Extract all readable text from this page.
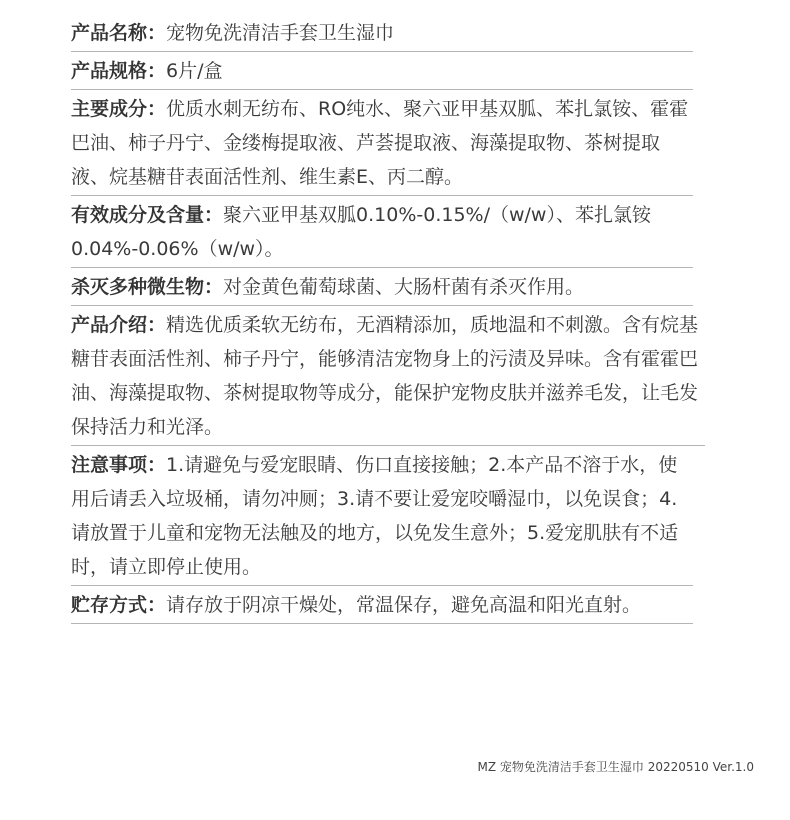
产品名称：宠物免洗清洁手套卫生湿巾
产品规格：6片/盒
主要成分：优质水刺无纺布、RO纯水、聚六亚甲基双胍、苯扎氯铵、霍霍巴油、柿子丹宁、金缕梅提取液、芦荟提取液、海藻提取物、茶树提取液、烷基糖苷表面活性剂、维生素E、丙二醇。
有效成分及含量：聚六亚甲基双胍0.10%-0.15%/（w/w）、苯扎氯铵0.04%-0.06%（w/w）。
杀灭多种微生物：对金黄色葡萄球菌、大肠杆菌有杀灭作用。
产品介绍：精选优质柔软无纺布，无酒精添加，质地温和不刺激。含有烷基糖苷表面活性剂、柿子丹宁，能够清洁宠物身上的污渍及异味。含有霍霍巴油、海藻提取物、茶树提取物等成分，能保护宠物皮肤并滋养毛发，让毛发保持活力和光泽。
注意事项：1.请避免与爱宠眼睛、伤口直接接触；2.本产品不溶于水，使用后请丢入垃圾桶，请勿冲厕；3.请不要让爱宠咬嚼湿巾，以免误食；4.请放置于儿童和宠物无法触及的地方，以免发生意外；5.爱宠肌肤有不适时，请立即停止使用。
贮存方式：请存放于阴凉干燥处，常温保存，避免高温和阳光直射。
MZ 宠物免洗清洁手套卫生湿巾 20220510 Ver.1.0
